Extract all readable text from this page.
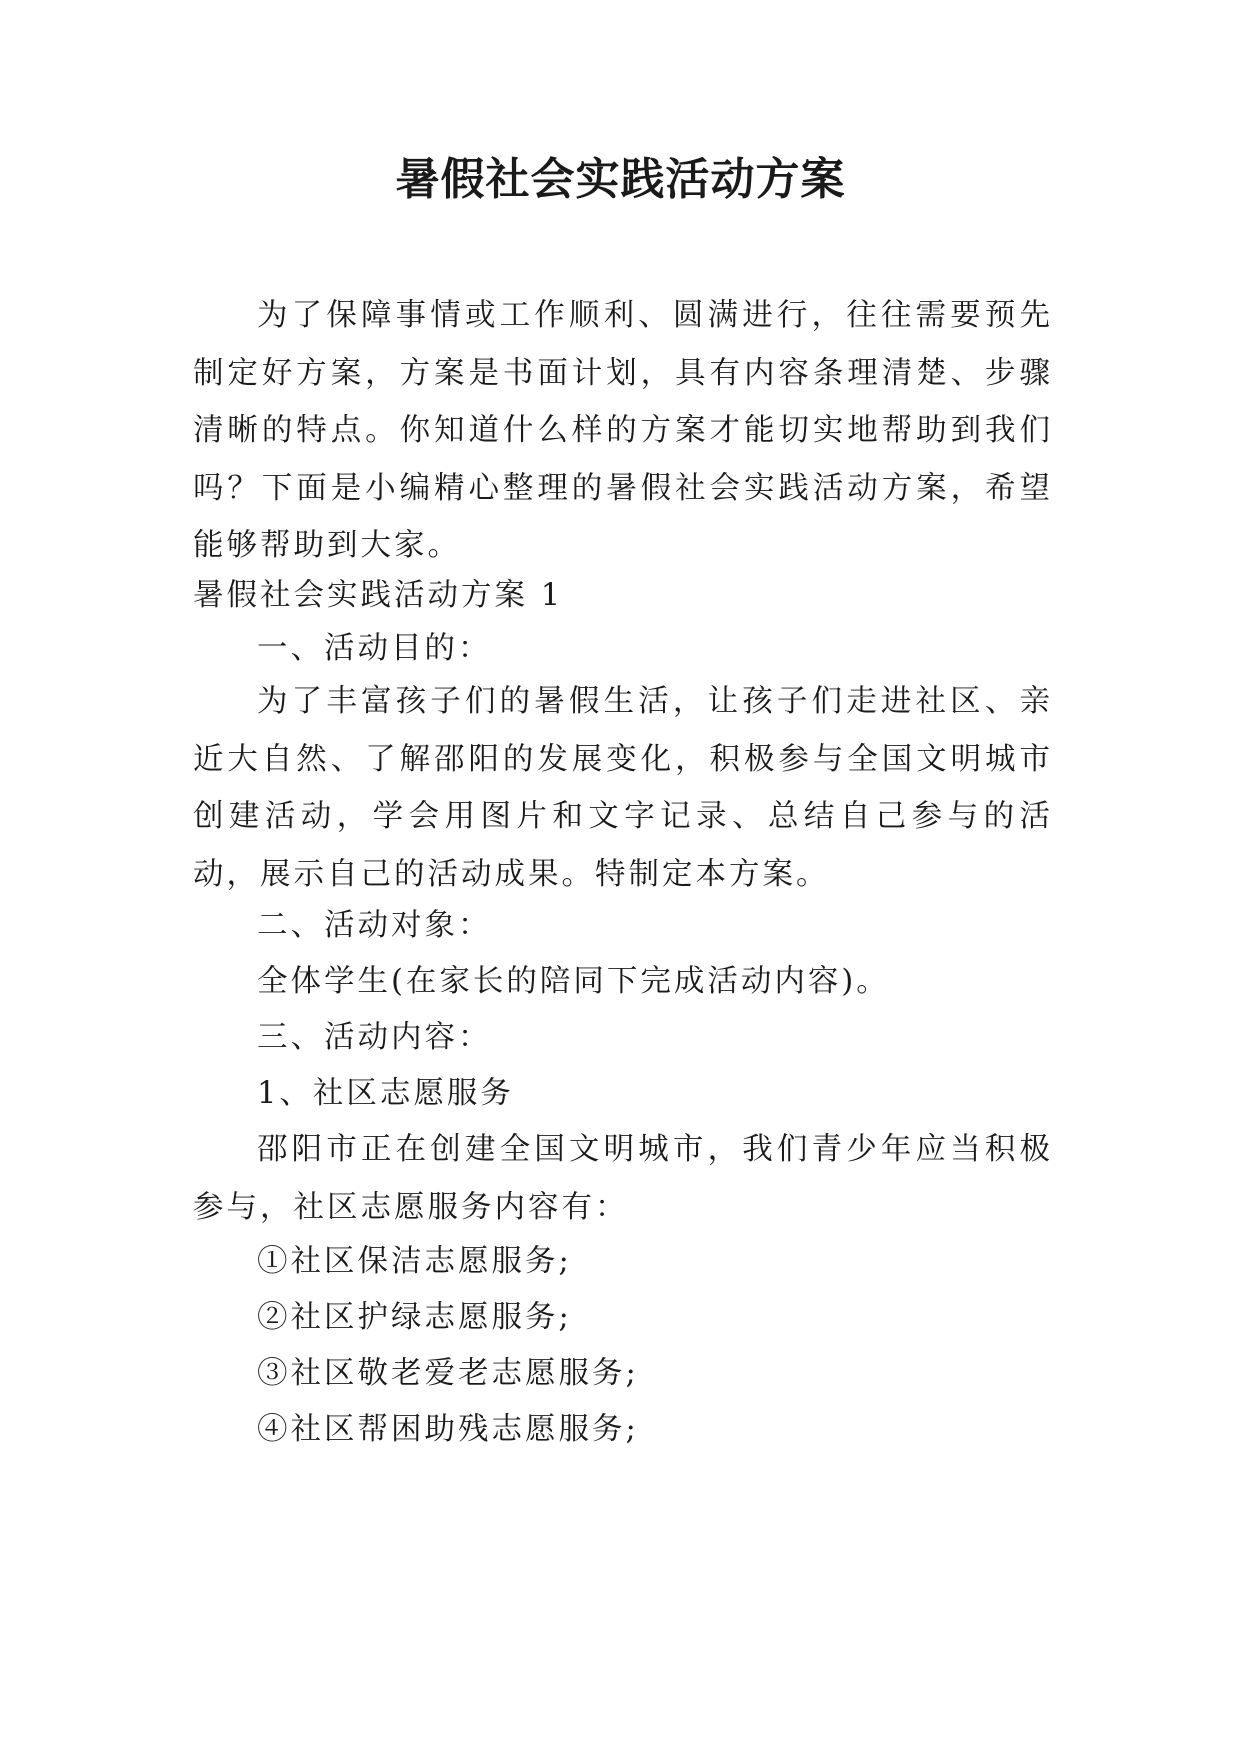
暑假社会实践活动方案

为了保障事情或工作顺利、圆满进行，往往需要预先制定好方案，方案是书面计划，具有内容条理清楚、步骤清晰的特点。你知道什么样的方案才能切实地帮助到我们吗？下面是小编精心整理的暑假社会实践活动方案，希望能够帮助到大家。

暑假社会实践活动方案 1

一、活动目的：

为了丰富孩子们的暑假生活，让孩子们走进社区、亲近大自然、了解邵阳的发展变化，积极参与全国文明城市创建活动，学会用图片和文字记录、总结自己参与的活动，展示自己的活动成果。特制定本方案。

二、活动对象：

全体学生(在家长的陪同下完成活动内容)。

三、活动内容：

1、社区志愿服务

邵阳市正在创建全国文明城市，我们青少年应当积极参与，社区志愿服务内容有：

①社区保洁志愿服务;

②社区护绿志愿服务;

③社区敬老爱老志愿服务;

④社区帮困助残志愿服务;
